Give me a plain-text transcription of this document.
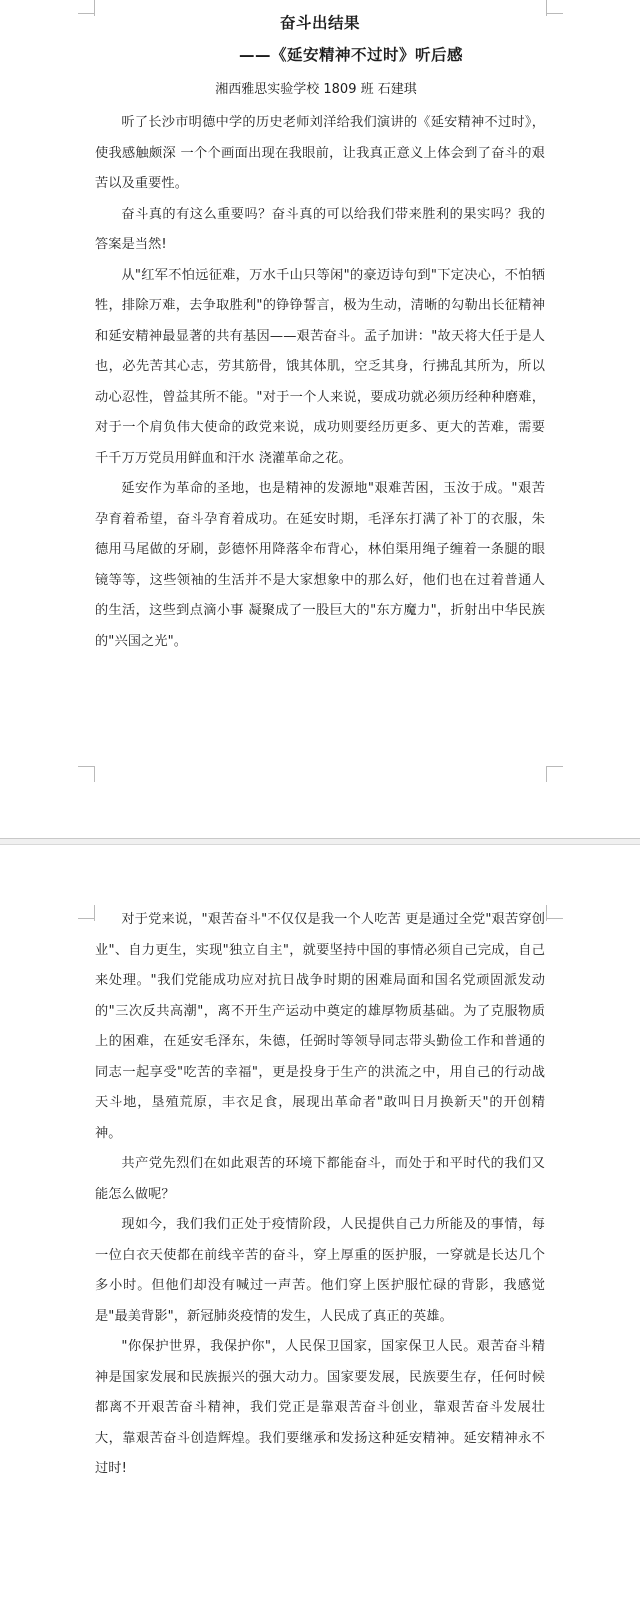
奋斗出结果
——《延安精神不过时》听后感
湘西雅思实验学校 1809 班 石建琪

听了长沙市明德中学的历史老师刘洋给我们演讲的《延安精神不过时》，使我感触颇深 一个个画面出现在我眼前，让我真正意义上体会到了奋斗的艰苦以及重要性。

奋斗真的有这么重要吗？奋斗真的可以给我们带来胜利的果实吗？我的答案是当然!

从"红军不怕远征难，万水千山只等闲"的豪迈诗句到"下定决心，不怕牺牲，排除万难，去争取胜利"的铮铮誓言，极为生动，清晰的勾勒出长征精神和延安精神最显著的共有基因——艰苦奋斗。孟子加讲："故天将大任于是人也，必先苦其心志，劳其筋骨，饿其体肌，空乏其身，行拂乱其所为，所以动心忍性，曾益其所不能。"对于一个人来说，要成功就必须历经种种磨难，对于一个肩负伟大使命的政党来说，成功则要经历更多、更大的苦难，需要千千万万党员用鲜血和汗水 浇灌革命之花。

延安作为革命的圣地，也是精神的发源地"艰难苦困，玉汝于成。"艰苦孕育着希望，奋斗孕育着成功。在延安时期，毛泽东打满了补丁的衣服，朱德用马尾做的牙刷，彭德怀用降落伞布背心，林伯渠用绳子缠着一条腿的眼镜等等，这些领袖的生活并不是大家想象中的那么好，他们也在过着普通人的生活，这些到点滴小事 凝聚成了一股巨大的"东方魔力"，折射出中华民族的"兴国之光"。

对于党来说，"艰苦奋斗"不仅仅是我一个人吃苦 更是通过全党"艰苦穿创业"、自力更生，实现"独立自主"，就要坚持中国的事情必须自己完成，自己来处理。"我们党能成功应对抗日战争时期的困难局面和国名党顽固派发动的"三次反共高潮"，离不开生产运动中奠定的雄厚物质基础。为了克服物质上的困难，在延安毛泽东，朱德，任弼时等领导同志带头勤俭工作和普通的同志一起享受"吃苦的幸福"，更是投身于生产的洪流之中，用自己的行动战天斗地，垦殖荒原，丰衣足食，展现出革命者"敢叫日月换新天"的开创精神。

共产党先烈们在如此艰苦的环境下都能奋斗，而处于和平时代的我们又能怎么做呢？

现如今，我们我们正处于疫情阶段，人民提供自己力所能及的事情，每一位白衣天使都在前线辛苦的奋斗，穿上厚重的医护服，一穿就是长达几个多小时。但他们却没有喊过一声苦。他们穿上医护服忙碌的背影，我感觉是"最美背影"，新冠肺炎疫情的发生，人民成了真正的英雄。

"你保护世界，我保护你"，人民保卫国家，国家保卫人民。艰苦奋斗精神是国家发展和民族振兴的强大动力。国家要发展，民族要生存，任何时候都离不开艰苦奋斗精神，我们党正是靠艰苦奋斗创业，靠艰苦奋斗发展壮大，靠艰苦奋斗创造辉煌。我们要继承和发扬这种延安精神。延安精神永不过时!
